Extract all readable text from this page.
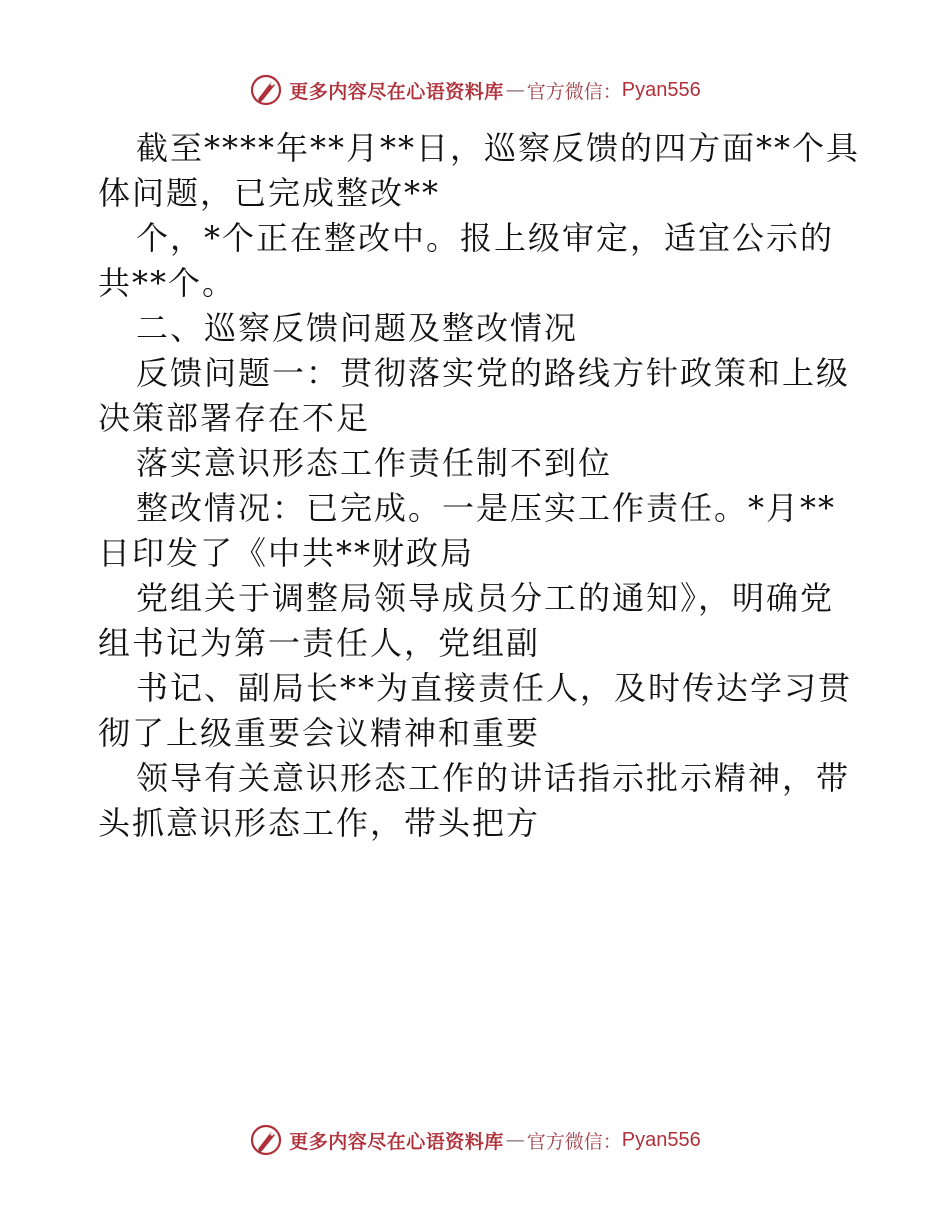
更多内容尽在心语资料库 — 官方微信： Pyan556
截至****年**月**日，巡察反馈的四方面**个具
体问题，已完成整改**
个，*个正在整改中。报上级审定，适宜公示的
共**个。
二、巡察反馈问题及整改情况
反馈问题一：贯彻落实党的路线方针政策和上级
决策部署存在不足
落实意识形态工作责任制不到位
整改情况：已完成。一是压实工作责任。*月**
日印发了《中共**财政局
党组关于调整局领导成员分工的通知》，明确党
组书记为第一责任人，党组副
书记、副局长**为直接责任人，及时传达学习贯
彻了上级重要会议精神和重要
领导有关意识形态工作的讲话指示批示精神，带
头抓意识形态工作，带头把方
更多内容尽在心语资料库 — 官方微信： Pyan556
